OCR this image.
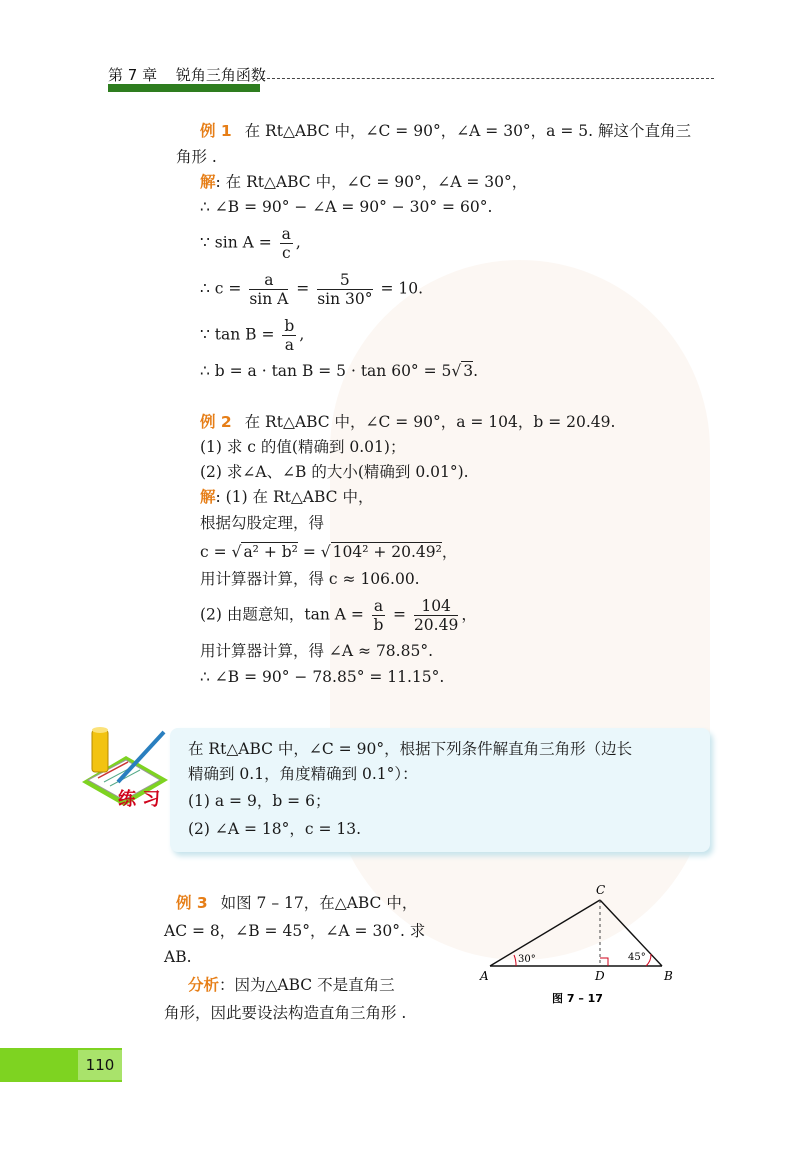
第 7 章 锐角三角函数
例 1 在 Rt△ABC 中，∠C = 90°，∠A = 30°，a = 5. 解这个直角三
角形 .
解: 在 Rt△ABC 中，∠C = 90°，∠A = 30°，
∴ ∠B = 90° − ∠A = 90° − 30° = 60°.
∵ $\sin A = \frac{a}{c}$ ,
∴ $c = \frac{a}{\text{sin A}} = \frac{5}{\sin 30^\circ} = 10$.
∵ $\tan B = \frac{b}{a}$ ,
∴ b = a · tan B = 5 · tan 60° = 5√ 3.
例 2 在 Rt△ABC 中，∠C = 90°，a = 104，b = 20.49.
(1) 求 c 的值(精确到 0.01)；
(2) 求∠A、∠B 的大小(精确到 0.01°).
解: (1) 在 Rt△ABC 中，
根据勾股定理，得
c = √ a² + b² = √ 104² + 20.49²，
用计算器计算，得 c ≈ 106.00.
(2) 由题意知，$\tan A = \frac{a}{b} = \frac{104}{20.49}$ ，
用计算器计算，得 ∠A ≈ 78.85°.
∴ ∠B = 90° − 78.85° = 11.15°.
练 习
在 Rt△ABC 中，∠C = 90°，根据下列条件解直角三角形（边长
精确到 0.1，角度精确到 0.1°）：
(1) a = 9，b = 6；
(2) ∠A = 18°，c = 13.
例 3 如图 7 – 17，在△ABC 中，
AC = 8，∠B = 45°，∠A = 30°. 求
AB.
分析：因为△ABC 不是直角三
角形，因此要设法构造直角三角形 .
A	B
C
D
30°	45°
图 7 – 17
110
